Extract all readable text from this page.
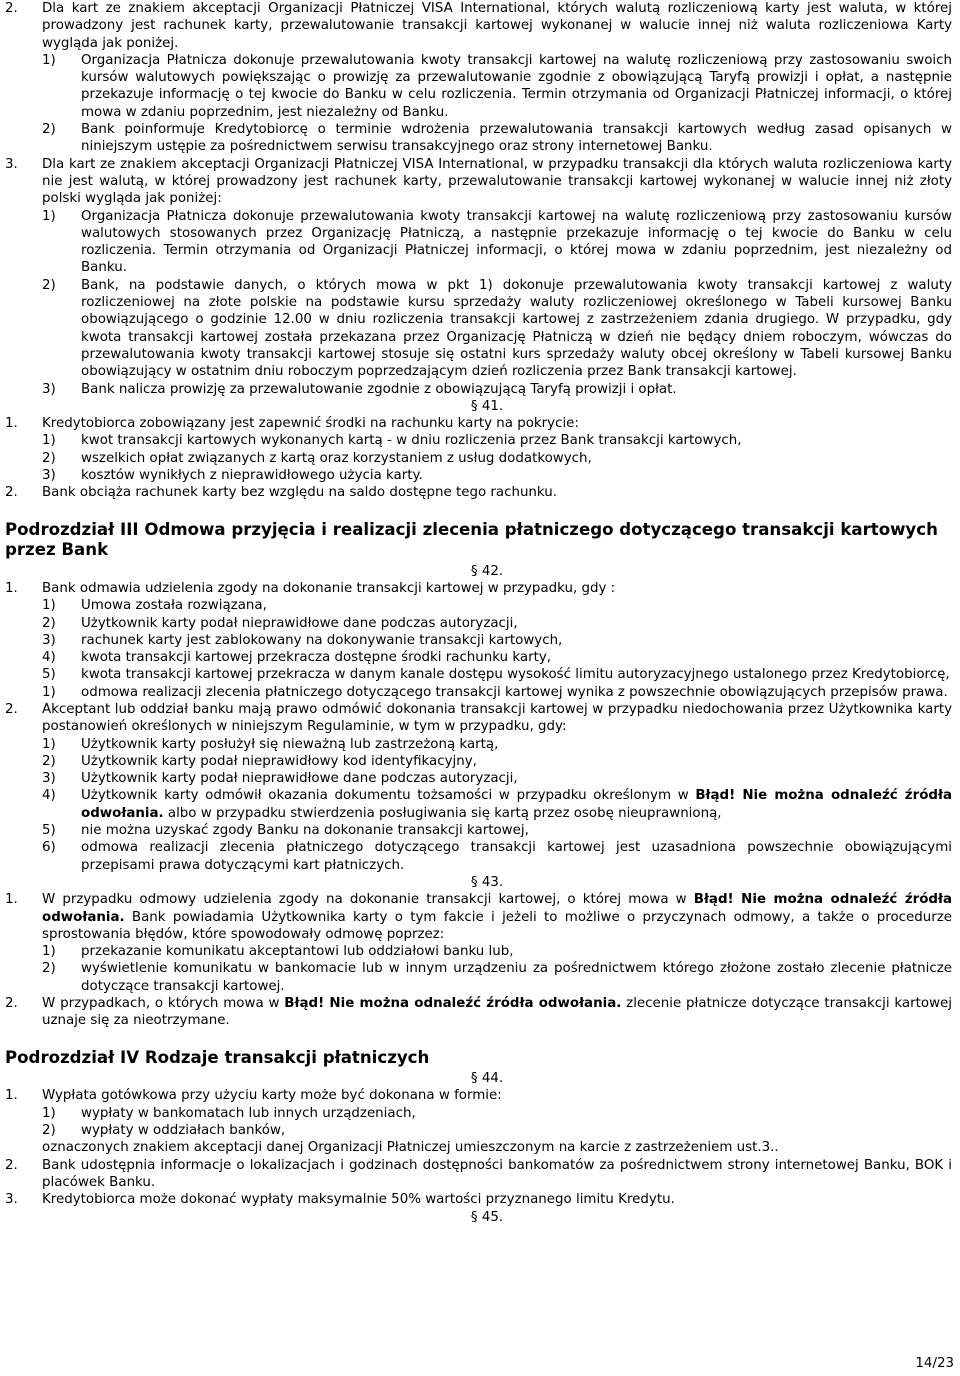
2. Dla kart ze znakiem akceptacji Organizacji Płatniczej VISA International, których walutą rozliczeniową karty jest waluta, w której prowadzony jest rachunek karty, przewalutowanie transakcji kartowej wykonanej w walucie innej niż waluta rozliczeniowa Karty wygląda jak poniżej.
1) Organizacja Płatnicza dokonuje przewalutowania kwoty transakcji kartowej na walutę rozliczeniową przy zastosowaniu swoich kursów walutowych powiększając o prowizję za przewalutowanie zgodnie z obowiązującą Taryfą prowizji i opłat, a następnie przekazuje informację o tej kwocie do Banku w celu rozliczenia. Termin otrzymania od Organizacji Płatniczej informacji, o której mowa w zdaniu poprzednim, jest niezależny od Banku.
2) Bank poinformuje Kredytobiorcę o terminie wdrożenia przewalutowania transakcji kartowych według zasad opisanych w niniejszym ustępie za pośrednictwem serwisu transakcyjnego oraz strony internetowej Banku.
3. Dla kart ze znakiem akceptacji Organizacji Płatniczej VISA International, w przypadku transakcji dla których waluta rozliczeniowa karty nie jest walutą, w której prowadzony jest rachunek karty, przewalutowanie transakcji kartowej wykonanej w walucie innej niż złoty polski wygląda jak poniżej:
1) Organizacja Płatnicza dokonuje przewalutowania kwoty transakcji kartowej na walutę rozliczeniową przy zastosowaniu kursów walutowych stosowanych przez Organizację Płatniczą, a następnie przekazuje informację o tej kwocie do Banku w celu rozliczenia. Termin otrzymania od Organizacji Płatniczej informacji, o której mowa w zdaniu poprzednim, jest niezależny od Banku.
2) Bank, na podstawie danych, o których mowa w pkt 1) dokonuje przewalutowania kwoty transakcji kartowej z waluty rozliczeniowej na złote polskie na podstawie kursu sprzedaży waluty rozliczeniowej określonego w Tabeli kursowej Banku obowiązującego o godzinie 12.00 w dniu rozliczenia transakcji kartowej z zastrzeżeniem zdania drugiego. W przypadku, gdy kwota transakcji kartowej została przekazana przez Organizację Płatniczą w dzień nie będący dniem roboczym, wówczas do przewalutowania kwoty transakcji kartowej stosuje się ostatni kurs sprzedaży waluty obcej określony w Tabeli kursowej Banku obowiązujący w ostatnim dniu roboczym poprzedzającym dzień rozliczenia przez Bank transakcji kartowej.
3) Bank nalicza prowizję za przewalutowanie zgodnie z obowiązującą Taryfą prowizji i opłat.
§ 41.
1. Kredytobiorca zobowiązany jest zapewnić środki na rachunku karty na pokrycie:
1) kwot transakcji kartowych wykonanych kartą - w dniu rozliczenia przez Bank transakcji kartowych,
2) wszelkich opłat związanych z kartą oraz korzystaniem z usług dodatkowych,
3) kosztów wynikłych z nieprawidłowego użycia karty.
2. Bank obciąża rachunek karty bez względu na saldo dostępne tego rachunku.
Podrozdział III Odmowa przyjęcia i realizacji zlecenia płatniczego dotyczącego transakcji kartowych przez Bank
§ 42.
1. Bank odmawia udzielenia zgody na dokonanie transakcji kartowej w przypadku, gdy :
1) Umowa została rozwiązana,
2) Użytkownik karty podał nieprawidłowe dane podczas autoryzacji,
3) rachunek karty jest zablokowany na dokonywanie transakcji kartowych,
4) kwota transakcji kartowej przekracza dostępne środki rachunku karty,
5) kwota transakcji kartowej przekracza w danym kanale dostępu wysokość limitu autoryzacyjnego ustalonego przez Kredytobiorcę,
1) odmowa realizacji zlecenia płatniczego dotyczącego transakcji kartowej wynika z powszechnie obowiązujących przepisów prawa.
2. Akceptant lub oddział banku mają prawo odmówić dokonania transakcji kartowej w przypadku niedochowania przez Użytkownika karty postanowień określonych w niniejszym Regulaminie, w tym w przypadku, gdy:
1) Użytkownik karty posłużył się nieważną lub zastrzeżoną kartą,
2) Użytkownik karty podał nieprawidłowy kod identyfikacyjny,
3) Użytkownik karty podał nieprawidłowe dane podczas autoryzacji,
4) Użytkownik karty odmówił okazania dokumentu tożsamości w przypadku określonym w Błąd! Nie można odnaleźć źródła odwołania. albo w przypadku stwierdzenia posługiwania się kartą przez osobę nieuprawnioną,
5) nie można uzyskać zgody Banku na dokonanie transakcji kartowej,
6) odmowa realizacji zlecenia płatniczego dotyczącego transakcji kartowej jest uzasadniona powszechnie obowiązującymi przepisami prawa dotyczącymi kart płatniczych.
§ 43.
1. W przypadku odmowy udzielenia zgody na dokonanie transakcji kartowej, o której mowa w Błąd! Nie można odnaleźć źródła odwołania. Bank powiadamia Użytkownika karty o tym fakcie i jeżeli to możliwe o przyczynach odmowy, a także o procedurze sprostowania błędów, które spowodowały odmowę poprzez:
1) przekazanie komunikatu akceptantowi lub oddziałowi banku lub,
2) wyświetlenie komunikatu w bankomacie lub w innym urządzeniu za pośrednictwem którego złożone zostało zlecenie płatnicze dotyczące transakcji kartowej.
2. W przypadkach, o których mowa w Błąd! Nie można odnaleźć źródła odwołania. zlecenie płatnicze dotyczące transakcji kartowej uznaje się za nieotrzymane.
Podrozdział IV Rodzaje transakcji płatniczych
§ 44.
1. Wypłata gotówkowa przy użyciu karty może być dokonana w formie:
1) wypłaty w bankomatach lub innych urządzeniach,
2) wypłaty w oddziałach banków,
oznaczonych znakiem akceptacji danej Organizacji Płatniczej umieszczonym na karcie z zastrzeżeniem ust.3..
2. Bank udostępnia informacje o lokalizacjach i godzinach dostępności bankomatów za pośrednictwem strony internetowej Banku, BOK i placówek Banku.
3. Kredytobiorca może dokonać wypłaty maksymalnie 50% wartości przyznanego limitu Kredytu.
§ 45.
14/23
